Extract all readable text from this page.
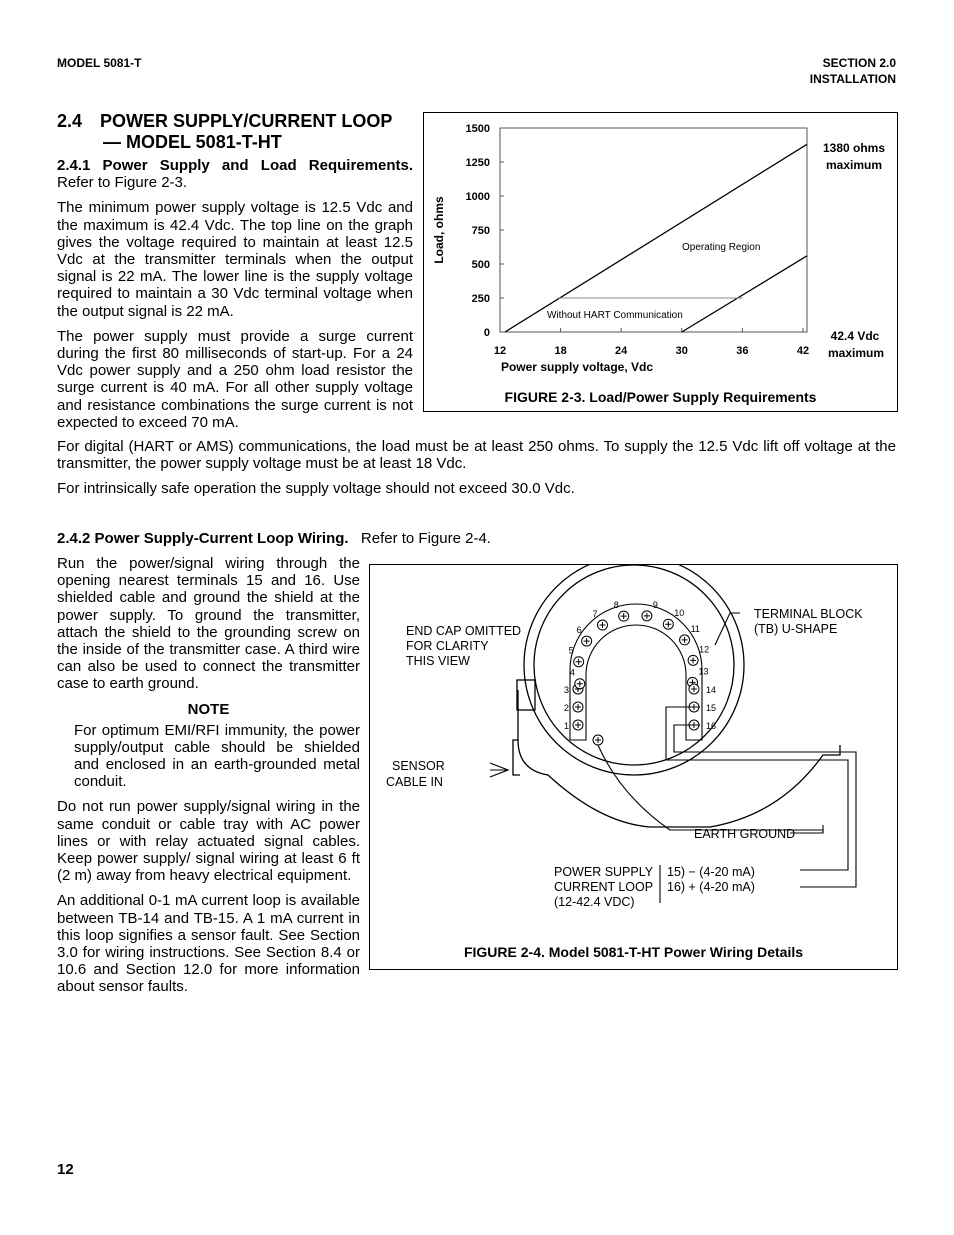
MODEL 5081-T	SECTION 2.0
INSTALLATION
2.4 POWER SUPPLY/CURRENT LOOP
— MODEL 5081-T-HT

2.4.1 Power Supply and Load Requirements. Refer to Figure 2-3.

The minimum power supply voltage is 12.5 Vdc and the maximum is 42.4 Vdc. The top line on the graph gives the voltage required to maintain at least 12.5 Vdc at the transmitter terminals when the output signal is 22 mA. The lower line is the supply voltage required to maintain a 30 Vdc terminal voltage when the output signal is 22 mA.

The power supply must provide a surge current during the first 80 milliseconds of start-up. For a 24 Vdc power supply and a 250 ohm load resistor the surge current is 40 mA. For all other supply voltage and resistance combinations the surge current is not expected to exceed 70 mA.

0
250
500
750
1000
1250
1500
12	18	24	30	36	42
Power supply voltage, Vdc
Load, ohms
1380 ohms
maximum
42.4 Vdc
maximum
Operating Region
Without HART Communication
FIGURE 2-3. Load/Power Supply Requirements

For digital (HART or AMS) communications, the load must be at least 250 ohms. To supply the 12.5 Vdc lift off voltage at the transmitter, the power supply voltage must be at least 18 Vdc.

For intrinsically safe operation the supply voltage should not exceed 30.0 Vdc.

2.4.2 Power Supply-Current Loop Wiring. Refer to Figure 2-4.

Run the power/signal wiring through the opening nearest terminals 15 and 16. Use shielded cable and ground the shield at the power supply. To ground the transmitter, attach the shield to the grounding screw on the inside of the transmitter case. A third wire can also be used to connect the transmitter case to earth ground.

NOTE

For optimum EMI/RFI immunity, the power supply/output cable should be shielded and enclosed in an earth-grounded metal conduit.

Do not run power supply/signal wiring in the same conduit or cable tray with AC power lines or with relay actuated signal cables. Keep power supply/ signal wiring at least 6 ft (2 m) away from heavy electrical equipment.

An additional 0-1 mA current loop is available between TB-14 and TB-15. A 1 mA current in this loop signifies a sensor fault. See Section 3.0 for wiring instructions. See Section 8.4 or 10.6 and Section 12.0 for more information about sensor faults.

1
2
3
4
5
6
7
8	9
10
11
12
13
14
15
16
END CAP OMITTED
FOR CLARITY
THIS VIEW
TERMINAL BLOCK
(TB) U-SHAPE
SENSOR
CABLE IN
EARTH GROUND
POWER SUPPLY
CURRENT LOOP
(12-42.4 VDC)
15) − (4-20 mA)
16) + (4-20 mA)
FIGURE 2-4. Model 5081-T-HT Power Wiring Details
12
